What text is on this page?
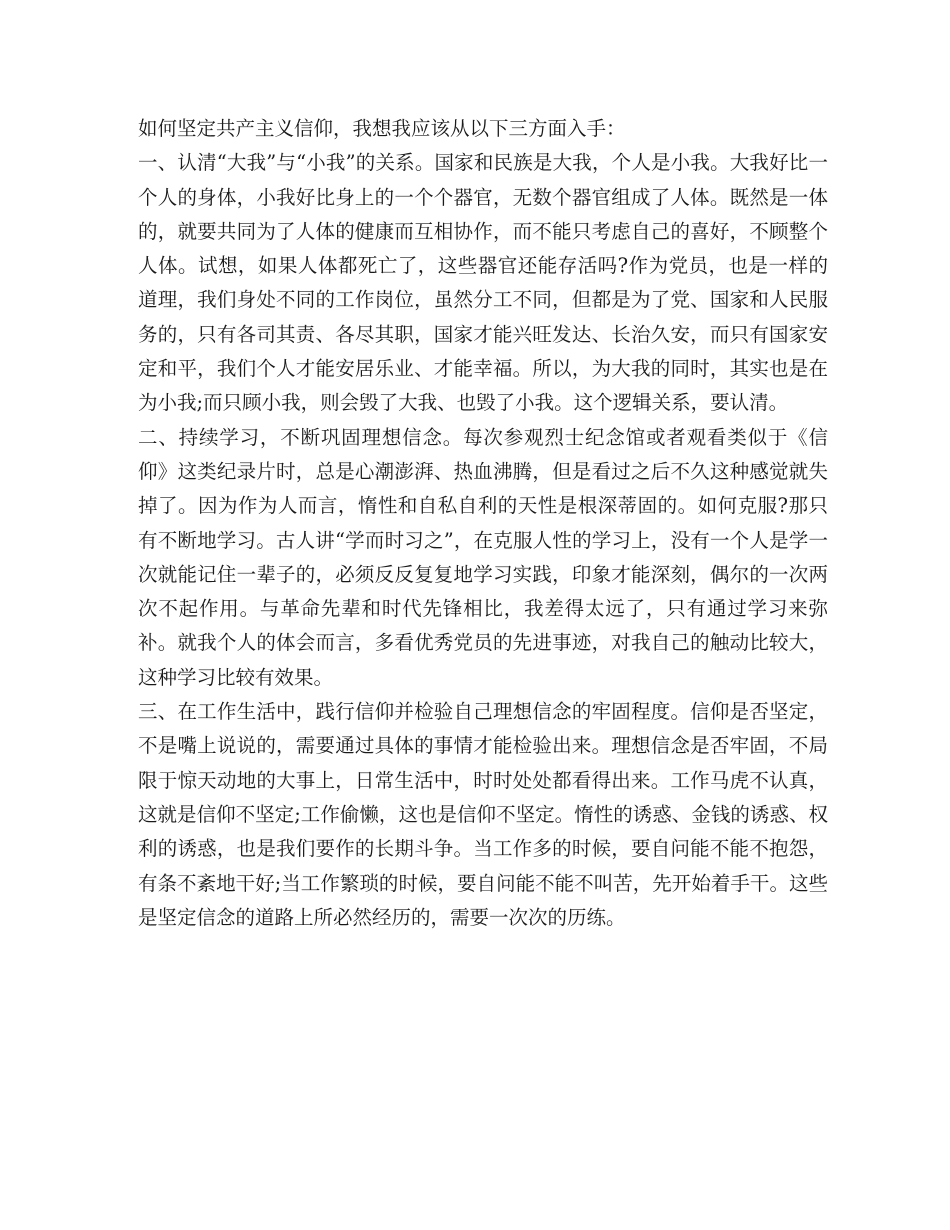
如何坚定共产主义信仰，我想我应该从以下三方面入手：

一、认清“大我”与“小我”的关系。国家和民族是大我，个人是小我。大我好比一个人的身体，小我好比身上的一个个器官，无数个器官组成了人体。既然是一体的，就要共同为了人体的健康而互相协作，而不能只考虑自己的喜好，不顾整个人体。试想，如果人体都死亡了，这些器官还能存活吗?作为党员，也是一样的道理，我们身处不同的工作岗位，虽然分工不同，但都是为了党、国家和人民服务的，只有各司其责、各尽其职，国家才能兴旺发达、长治久安，而只有国家安定和平，我们个人才能安居乐业、才能幸福。所以，为大我的同时，其实也是在为小我;而只顾小我，则会毁了大我、也毁了小我。这个逻辑关系，要认清。

二、持续学习，不断巩固理想信念。每次参观烈士纪念馆或者观看类似于《信仰》这类纪录片时，总是心潮澎湃、热血沸腾，但是看过之后不久这种感觉就失掉了。因为作为人而言，惰性和自私自利的天性是根深蒂固的。如何克服?那只有不断地学习。古人讲“学而时习之”，在克服人性的学习上，没有一个人是学一次就能记住一辈子的，必须反反复复地学习实践，印象才能深刻，偶尔的一次两次不起作用。与革命先辈和时代先锋相比，我差得太远了，只有通过学习来弥补。就我个人的体会而言，多看优秀党员的先进事迹，对我自己的触动比较大，这种学习比较有效果。

三、在工作生活中，践行信仰并检验自己理想信念的牢固程度。信仰是否坚定，不是嘴上说说的，需要通过具体的事情才能检验出来。理想信念是否牢固，不局限于惊天动地的大事上，日常生活中，时时处处都看得出来。工作马虎不认真，这就是信仰不坚定;工作偷懒，这也是信仰不坚定。惰性的诱惑、金钱的诱惑、权利的诱惑，也是我们要作的长期斗争。当工作多的时候，要自问能不能不抱怨，有条不紊地干好;当工作繁琐的时候，要自问能不能不叫苦，先开始着手干。这些是坚定信念的道路上所必然经历的，需要一次次的历练。
